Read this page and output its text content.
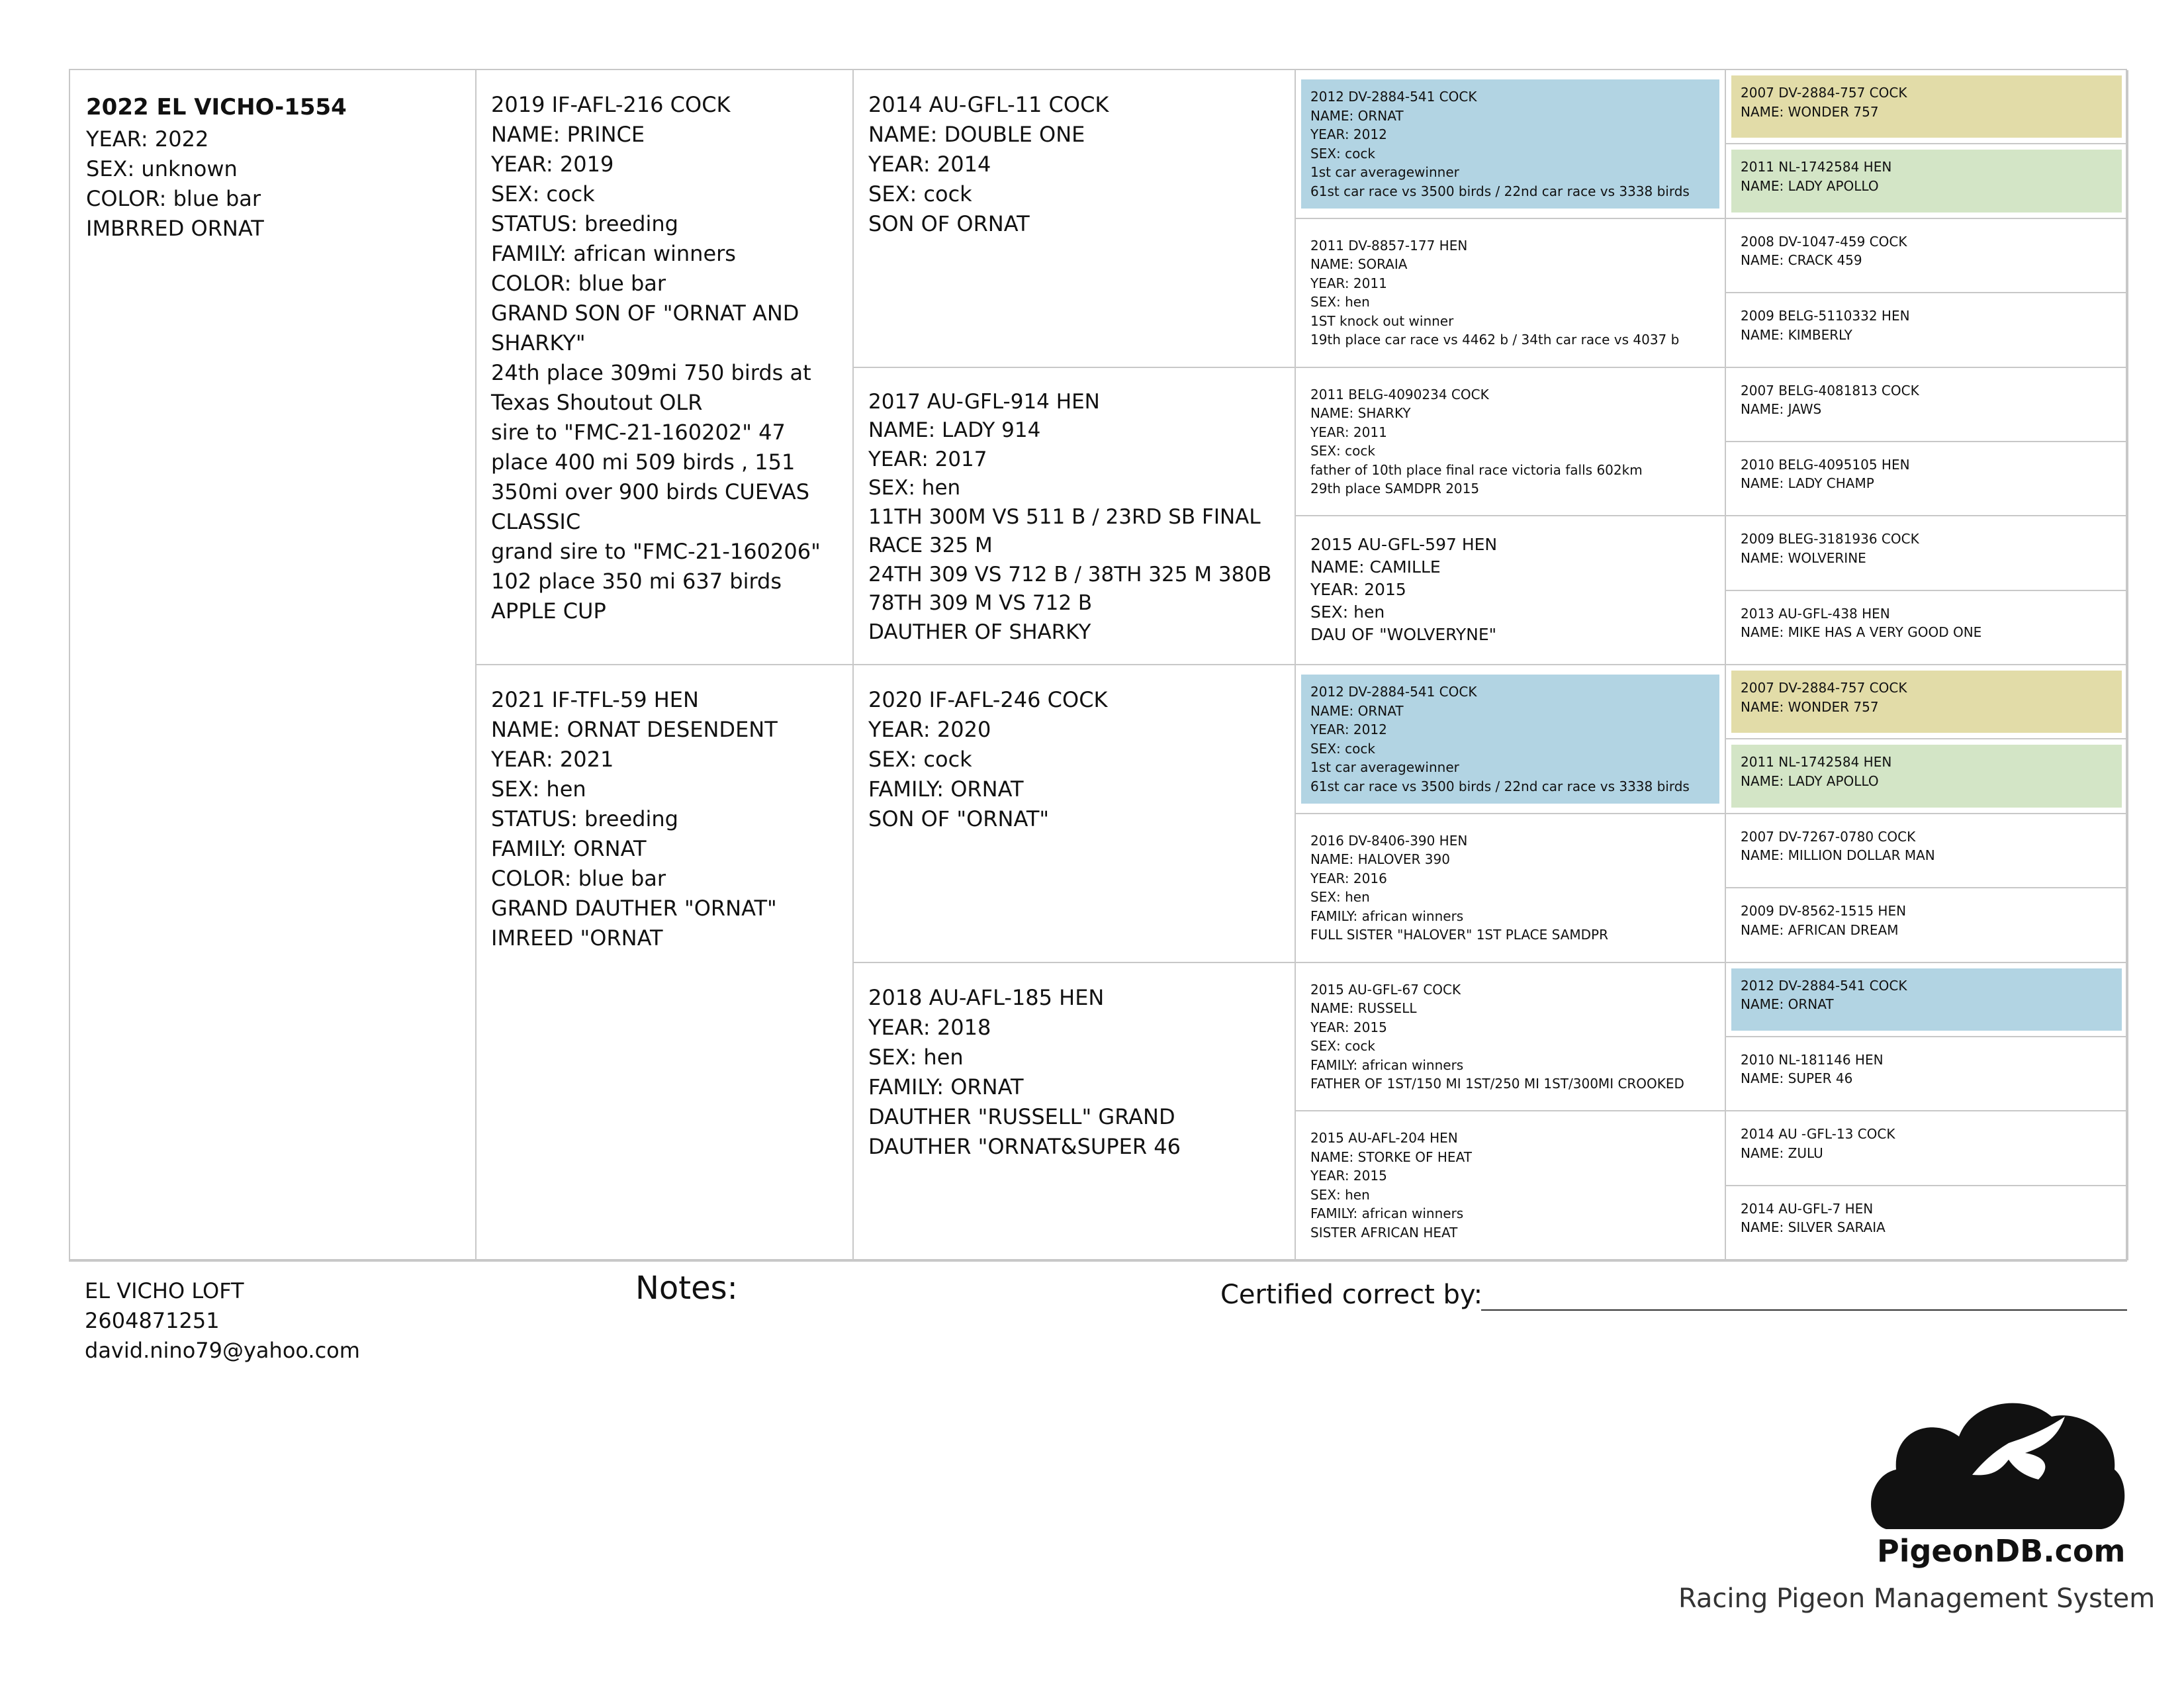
2022 EL VICHO-1554
YEAR: 2022
SEX: unknown
COLOR: blue bar
IMBRRED ORNAT
2019 IF-AFL-216 COCK
NAME: PRINCE
YEAR: 2019
SEX: cock
STATUS: breeding
FAMILY: african winners
COLOR: blue bar
GRAND SON OF "ORNAT AND SHARKY"
24th place 309mi 750 birds at Texas Shoutout OLR
sire to "FMC-21-160202" 47 place 400 mi 509 birds , 151 350mi over 900 birds CUEVAS CLASSIC
grand sire to "FMC-21-160206" 102 place 350 mi 637 birds APPLE CUP
2021 IF-TFL-59 HEN
NAME: ORNAT DESENDENT
YEAR: 2021
SEX: hen
STATUS: breeding
FAMILY: ORNAT
COLOR: blue bar
GRAND DAUTHER "ORNAT"
IMREED "ORNAT
2014 AU-GFL-11 COCK
NAME: DOUBLE ONE
YEAR: 2014
SEX: cock
SON OF ORNAT
2017 AU-GFL-914 HEN
NAME: LADY 914
YEAR: 2017
SEX: hen
11TH 300M VS 511 B / 23RD SB FINAL RACE 325 M
24TH 309 VS 712 B / 38TH 325 M 380B
78TH 309 M VS 712 B
DAUTHER OF SHARKY
2020 IF-AFL-246 COCK
YEAR: 2020
SEX: cock
FAMILY: ORNAT
SON OF "ORNAT"
2018 AU-AFL-185 HEN
YEAR: 2018
SEX: hen
FAMILY: ORNAT
DAUTHER "RUSSELL" GRAND DAUTHER "ORNAT&SUPER 46
2012 DV-2884-541 COCK
NAME: ORNAT
YEAR: 2012
SEX: cock
1st car averagewinner
61st car race vs 3500 birds / 22nd car race vs 3338 birds
2011 DV-8857-177 HEN
NAME: SORAIA
YEAR: 2011
SEX: hen
1ST knock out winner
19th place car race vs 4462 b / 34th car race vs 4037 b
2011 BELG-4090234 COCK
NAME: SHARKY
YEAR: 2011
SEX: cock
father of 10th place final race victoria falls 602km
29th place SAMDPR 2015
2015 AU-GFL-597 HEN
NAME: CAMILLE
YEAR: 2015
SEX: hen
DAU OF "WOLVERYNE"
2012 DV-2884-541 COCK
NAME: ORNAT
YEAR: 2012
SEX: cock
1st car averagewinner
61st car race vs 3500 birds / 22nd car race vs 3338 birds
2016 DV-8406-390 HEN
NAME: HALOVER 390
YEAR: 2016
SEX: hen
FAMILY: african winners
FULL SISTER "HALOVER" 1ST PLACE SAMDPR
2015 AU-GFL-67 COCK
NAME: RUSSELL
YEAR: 2015
SEX: cock
FAMILY: african winners
FATHER OF 1ST/150 MI 1ST/250 MI 1ST/300MI CROOKED
2015 AU-AFL-204 HEN
NAME: STORKE OF HEAT
YEAR: 2015
SEX: hen
FAMILY: african winners
SISTER AFRICAN HEAT
2007 DV-2884-757 COCK
NAME: WONDER 757
2011 NL-1742584 HEN
NAME: LADY APOLLO
2008 DV-1047-459 COCK
NAME: CRACK 459
2009 BELG-5110332 HEN
NAME: KIMBERLY
2007 BELG-4081813 COCK
NAME: JAWS
2010 BELG-4095105 HEN
NAME: LADY CHAMP
2009 BLEG-3181936 COCK
NAME: WOLVERINE
2013 AU-GFL-438 HEN
NAME: MIKE HAS A VERY GOOD ONE
2007 DV-2884-757 COCK
NAME: WONDER 757
2011 NL-1742584 HEN
NAME: LADY APOLLO
2007 DV-7267-0780 COCK
NAME: MILLION DOLLAR MAN
2009 DV-8562-1515 HEN
NAME: AFRICAN DREAM
2012 DV-2884-541 COCK
NAME: ORNAT
2010 NL-181146 HEN
NAME: SUPER 46
2014 AU -GFL-13 COCK
NAME: ZULU
2014 AU-GFL-7 HEN
NAME: SILVER SARAIA
EL VICHO LOFT
2604871251
david.nino79@yahoo.com
Notes:	Certified correct by:
PigeonDB.com
Racing Pigeon Management System
